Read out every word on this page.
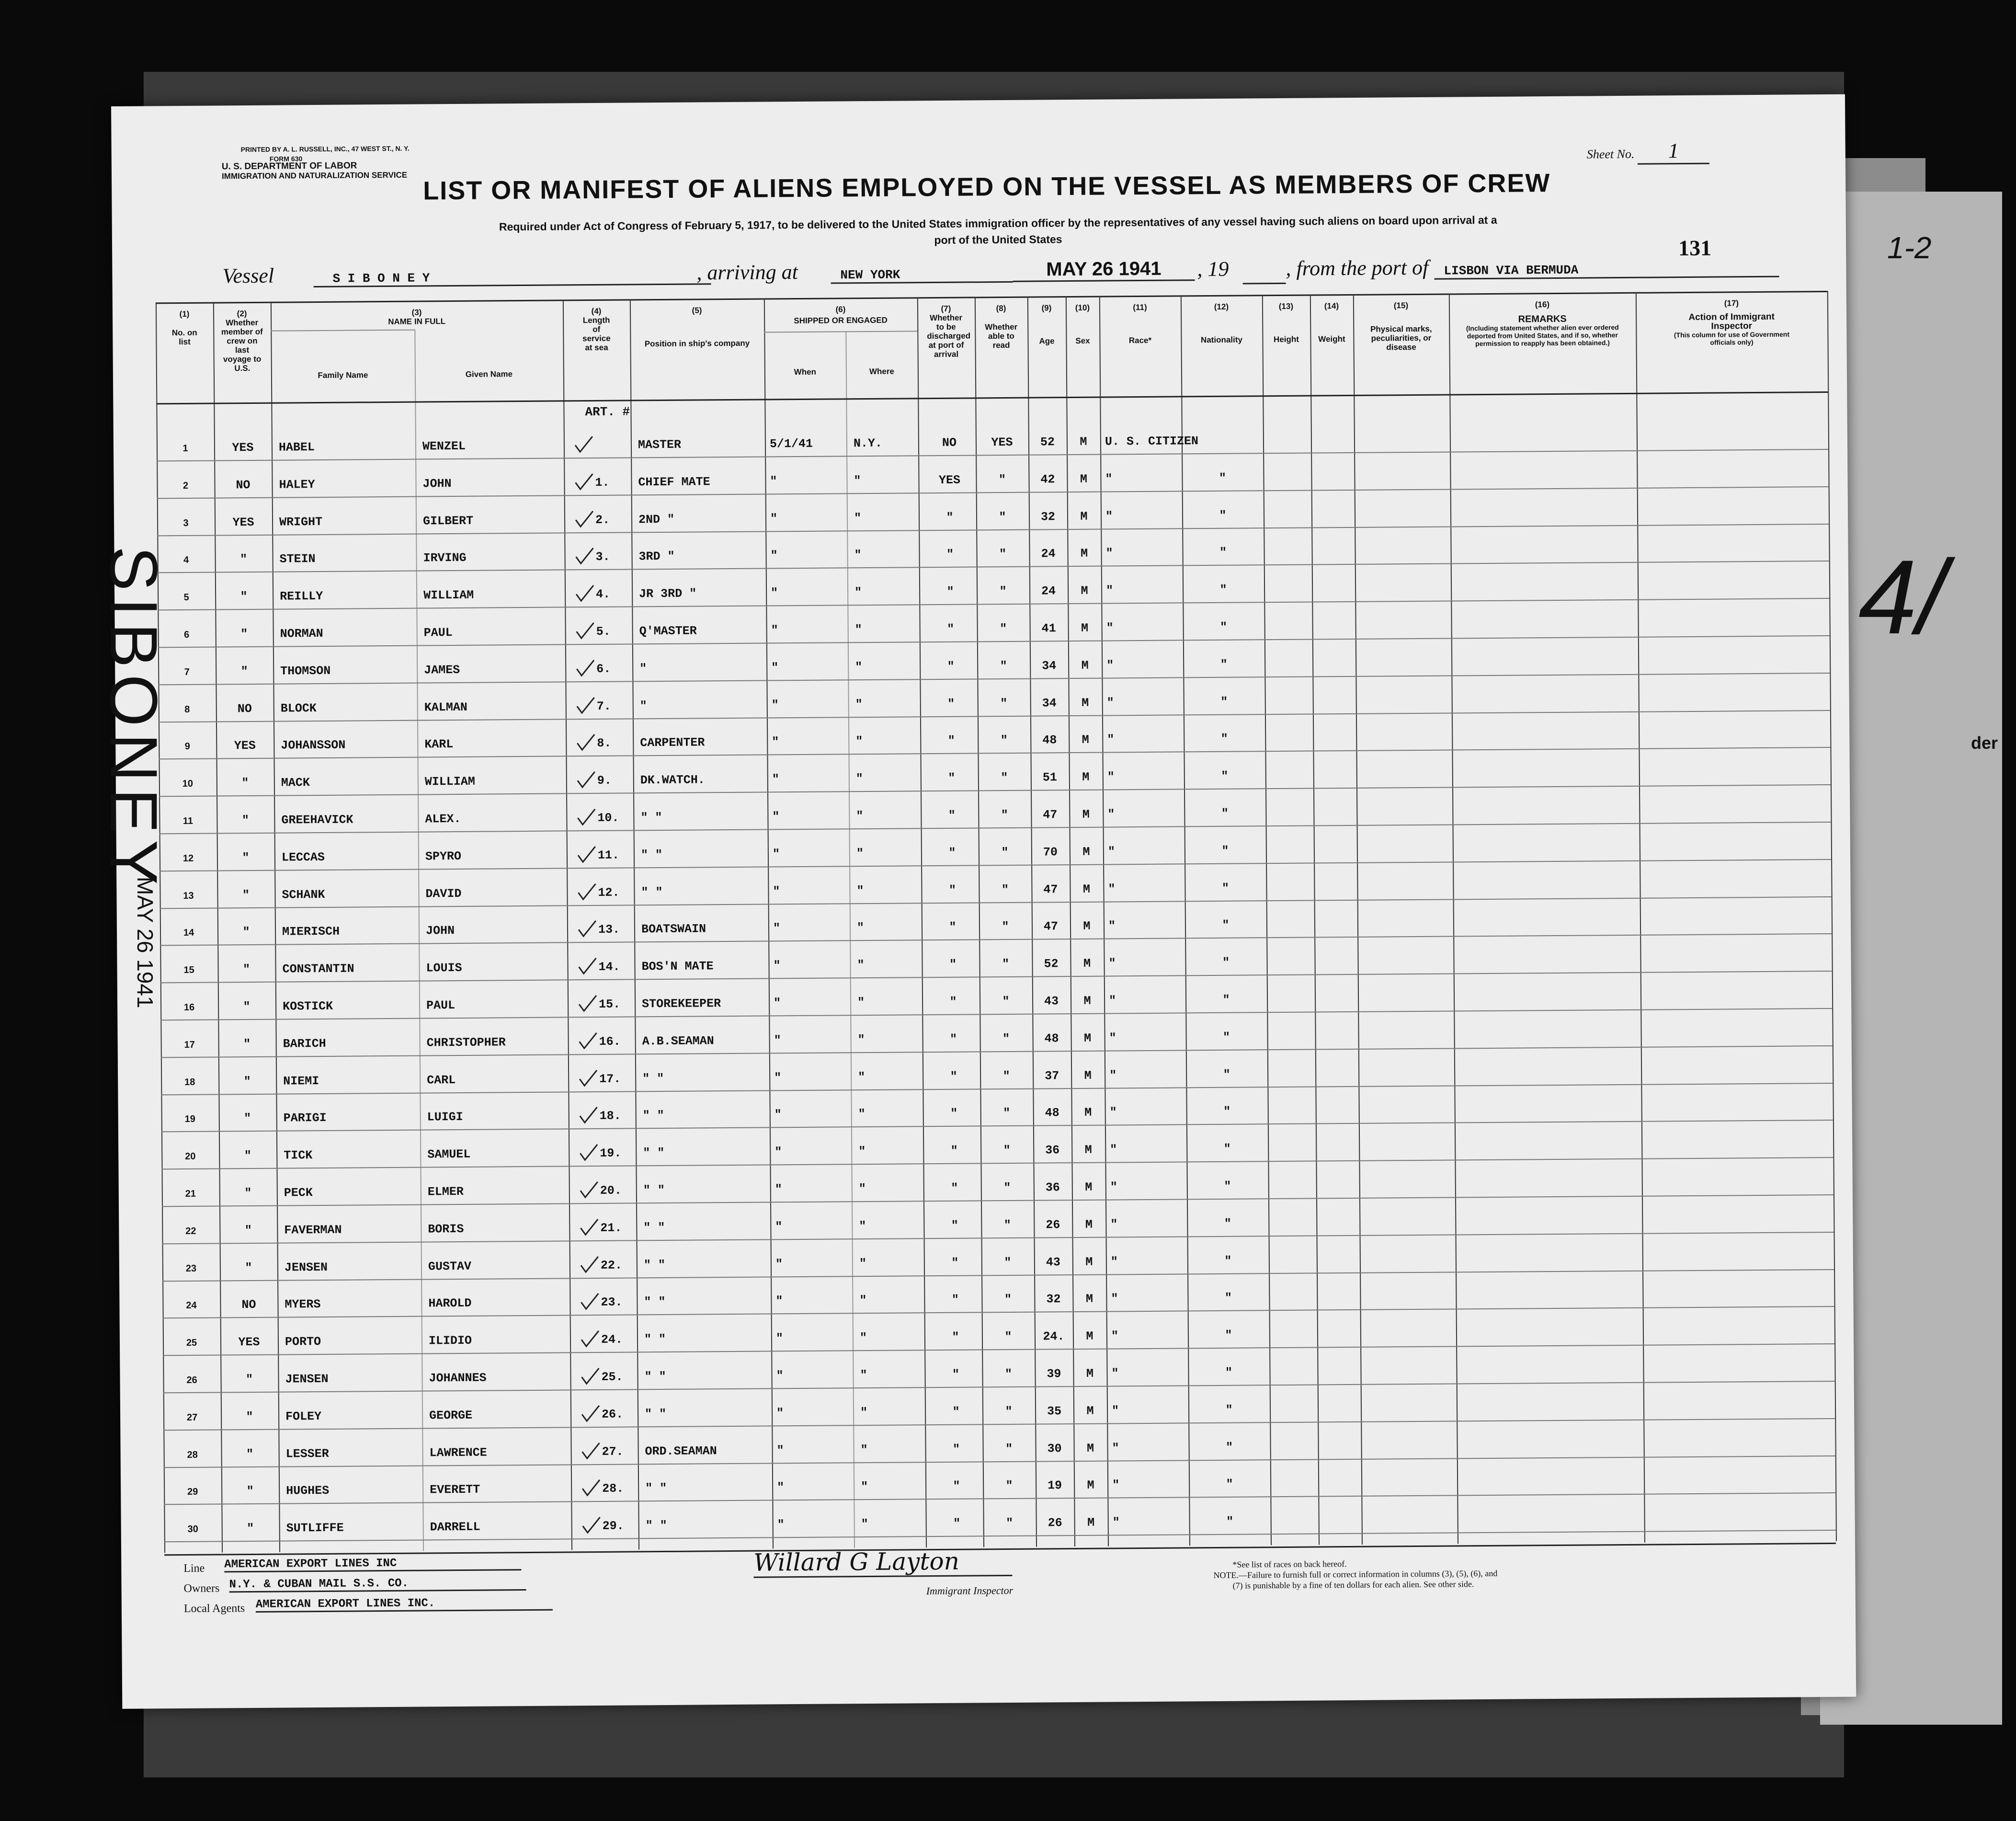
1-2
4/
der
PRINTED BY A. L. RUSSELL, INC., 47 WEST ST., N. Y.
FORM 630
U. S. DEPARTMENT OF LABOR
IMMIGRATION AND NATURALIZATION SERVICE
Sheet No. 1
LIST OR MANIFEST OF ALIENS EMPLOYED ON THE VESSEL AS MEMBERS OF CREW
Required under Act of Congress of February 5, 1917, to be delivered to the United States immigration officer by the representatives of any vessel having such aliens on board upon arrival at a
port of the United States	131
Vessel	S I B O N E Y	, arriving at	NEW YORK	MAY 26 1941	, 19	, from the port of	LISBON VIA BERMUDA
(1)
No. on list
(2)
Whether member of crew on last voyage to U.S.
(3)
NAME IN FULL
Family Name	Given Name
(4)
Length of service at sea
(5)
Position in ship's company
(6)
SHIPPED OR ENGAGED
When	Where
(7)
Whether to be discharged at port of arrival
(8)
Whether able to read
(9)
Age
(10)
Sex
(11)
Race*
(12)
Nationality
(13)
Height
(14)
Weight
(15)
Physical marks, peculiarities, or disease
(16)
REMARKS
(Including statement whether alien ever ordered deported from United States, and if so, whether permission to reapply has been obtained.)
(17)
Action of Immigrant Inspector
(This column for use of Government officials only)
ART. #
1	YES	HABEL	WENZEL	MASTER	5/1/41	N.Y.	NO	YES	52	M	U. S. CITIZEN
2	NO	HALEY	JOHN	1.	CHIEF MATE	"	"	YES	"	42	M	"	"
3	YES	WRIGHT	GILBERT	2.	2ND "	"	"	"	"	32	M	"	"
4	"	STEIN	IRVING	3.	3RD "	"	"	"	"	24	M	"	"
5	"	REILLY	WILLIAM	4.	JR 3RD "	"	"	"	"	24	M	"	"
6	"	NORMAN	PAUL	5.	Q'MASTER	"	"	"	"	41	M	"	"
7	"	THOMSON	JAMES	6.	"	"	"	"	"	34	M	"	"
8	NO	BLOCK	KALMAN	7.	"	"	"	"	"	34	M	"	"
9	YES	JOHANSSON	KARL	8.	CARPENTER	"	"	"	"	48	M	"	"
10	"	MACK	WILLIAM	9.	DK.WATCH.	"	"	"	"	51	M	"	"
11	"	GREEHAVICK	ALEX.	10.	" "	"	"	"	"	47	M	"	"
12	"	LECCAS	SPYRO	11.	" "	"	"	"	"	70	M	"	"
13	"	SCHANK	DAVID	12.	" "	"	"	"	"	47	M	"	"
14	"	MIERISCH	JOHN	13.	BOATSWAIN	"	"	"	"	47	M	"	"
15	"	CONSTANTIN	LOUIS	14.	BOS'N MATE	"	"	"	"	52	M	"	"
16	"	KOSTICK	PAUL	15.	STOREKEEPER	"	"	"	"	43	M	"	"
17	"	BARICH	CHRISTOPHER	16.	A.B.SEAMAN	"	"	"	"	48	M	"	"
18	"	NIEMI	CARL	17.	" "	"	"	"	"	37	M	"	"
19	"	PARIGI	LUIGI	18.	" "	"	"	"	"	48	M	"	"
20	"	TICK	SAMUEL	19.	" "	"	"	"	"	36	M	"	"
21	"	PECK	ELMER	20.	" "	"	"	"	"	36	M	"	"
22	"	FAVERMAN	BORIS	21.	" "	"	"	"	"	26	M	"	"
23	"	JENSEN	GUSTAV	22.	" "	"	"	"	"	43	M	"	"
24	NO	MYERS	HAROLD	23.	" "	"	"	"	"	32	M	"	"
25	YES	PORTO	ILIDIO	24.	" "	"	"	"	"	24.	M	"	"
26	"	JENSEN	JOHANNES	25.	" "	"	"	"	"	39	M	"	"
27	"	FOLEY	GEORGE	26.	" "	"	"	"	"	35	M	"	"
28	"	LESSER	LAWRENCE	27.	ORD.SEAMAN	"	"	"	"	30	M	"	"
29	"	HUGHES	EVERETT	28.	" "	"	"	"	"	19	M	"	"
30	"	SUTLIFFE	DARRELL	29.	" "	"	"	"	"	26	M	"	"
Line AMERICAN EXPORT LINES INC
Owners N.Y. & CUBAN MAIL S.S. CO.
Local Agents AMERICAN EXPORT LINES INC.
Willard G Layton
Immigrant Inspector
*See list of races on back hereof.
NOTE.—Failure to furnish full or correct information in columns (3), (5), (6), and
(7) is punishable by a fine of ten dollars for each alien. See other side.
SIBONEY
MAY 26 1941
